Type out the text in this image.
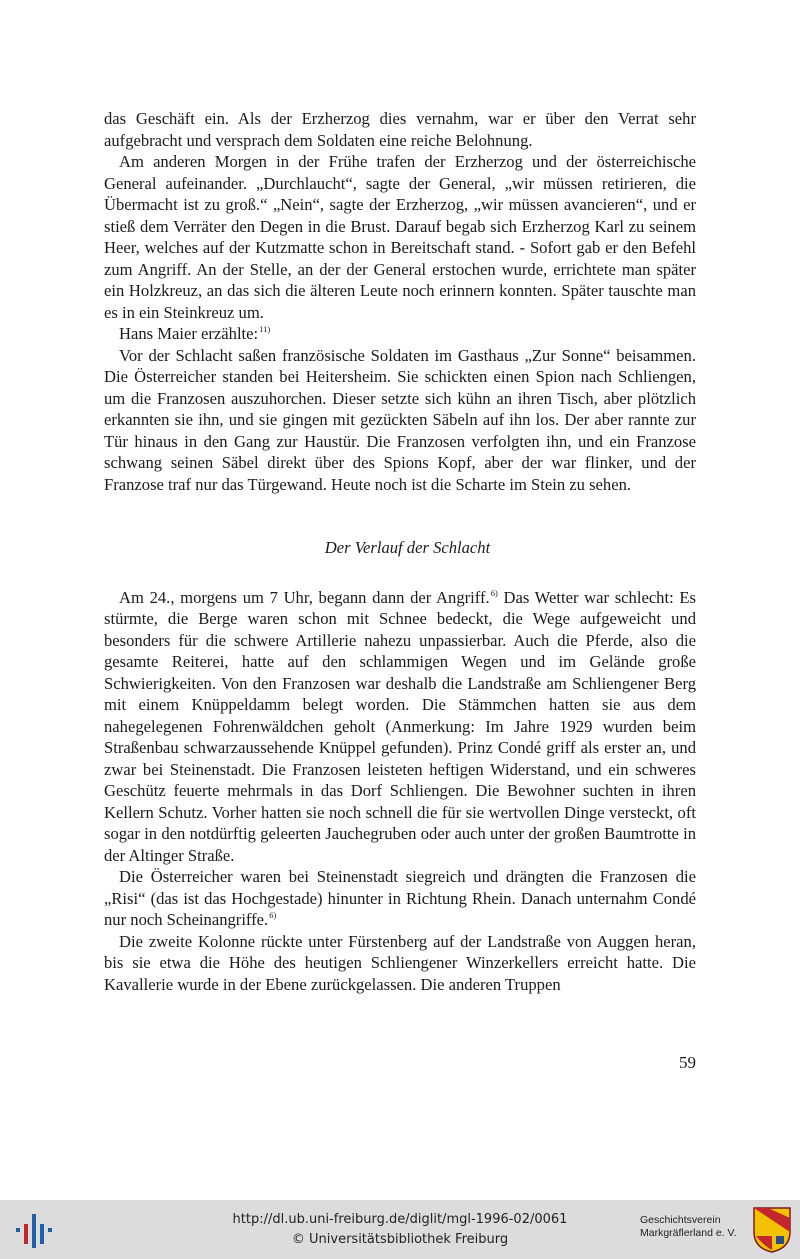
das Geschäft ein. Als der Erzherzog dies vernahm, war er über den Verrat sehr aufgebracht und versprach dem Soldaten eine reiche Belohnung.

Am anderen Morgen in der Frühe trafen der Erzherzog und der österreichische General aufeinander. „Durchlaucht“, sagte der General, „wir müssen retirieren, die Übermacht ist zu groß.“ „Nein“, sagte der Erzherzog, „wir müssen avancieren“, und er stieß dem Verräter den Degen in die Brust. Darauf begab sich Erzherzog Karl zu seinem Heer, welches auf der Kutzmatte schon in Bereitschaft stand. - Sofort gab er den Befehl zum Angriff. An der Stelle, an der der General erstochen wurde, errichtete man später ein Holzkreuz, an das sich die älteren Leute noch erinnern konnten. Später tauschte man es in ein Steinkreuz um.

Hans Maier erzählte:$^{11)}$

Vor der Schlacht saßen französische Soldaten im Gasthaus „Zur Sonne“ beisammen. Die Österreicher standen bei Heitersheim. Sie schickten einen Spion nach Schliengen, um die Franzosen auszuhorchen. Dieser setzte sich kühn an ihren Tisch, aber plötzlich erkannten sie ihn, und sie gingen mit gezückten Säbeln auf ihn los. Der aber rannte zur Tür hinaus in den Gang zur Haustür. Die Franzosen verfolgten ihn, und ein Franzose schwang seinen Säbel direkt über des Spions Kopf, aber der war flinker, und der Franzose traf nur das Türgewand. Heute noch ist die Scharte im Stein zu sehen.

Der Verlauf der Schlacht

Am 24., morgens um 7 Uhr, begann dann der Angriff.$^{6)}$ Das Wetter war schlecht: Es stürmte, die Berge waren schon mit Schnee bedeckt, die Wege aufgeweicht und besonders für die schwere Artillerie nahezu unpassierbar. Auch die Pferde, also die gesamte Reiterei, hatte auf den schlammigen Wegen und im Gelände große Schwierigkeiten. Von den Franzosen war deshalb die Landstraße am Schliengener Berg mit einem Knüppeldamm belegt worden. Die Stämmchen hatten sie aus dem nahegelegenen Fohrenwäldchen geholt (Anmerkung: Im Jahre 1929 wurden beim Straßenbau schwarzaussehende Knüppel gefunden). Prinz Condé griff als erster an, und zwar bei Steinenstadt. Die Franzosen leisteten heftigen Widerstand, und ein schweres Geschütz feuerte mehrmals in das Dorf Schliengen. Die Bewohner suchten in ihren Kellern Schutz. Vorher hatten sie noch schnell die für sie wertvollen Dinge versteckt, oft sogar in den notdürftig geleerten Jauchegruben oder auch unter der großen Baumtrotte in der Altinger Straße.

Die Österreicher waren bei Steinenstadt siegreich und drängten die Franzosen die „Risi“ (das ist das Hochgestade) hinunter in Richtung Rhein. Danach unternahm Condé nur noch Scheinangriffe.$^{6)}$

Die zweite Kolonne rückte unter Fürstenberg auf der Landstraße von Auggen heran, bis sie etwa die Höhe des heutigen Schliengener Winzerkellers erreicht hatte. Die Kavallerie wurde in der Ebene zurückgelassen. Die anderen Truppen

59
http://dl.ub.uni-freiburg.de/diglit/mgl-1996-02/0061
© Universitätsbibliothek Freiburg
Geschichtsverein
Markgräflerland e. V.
